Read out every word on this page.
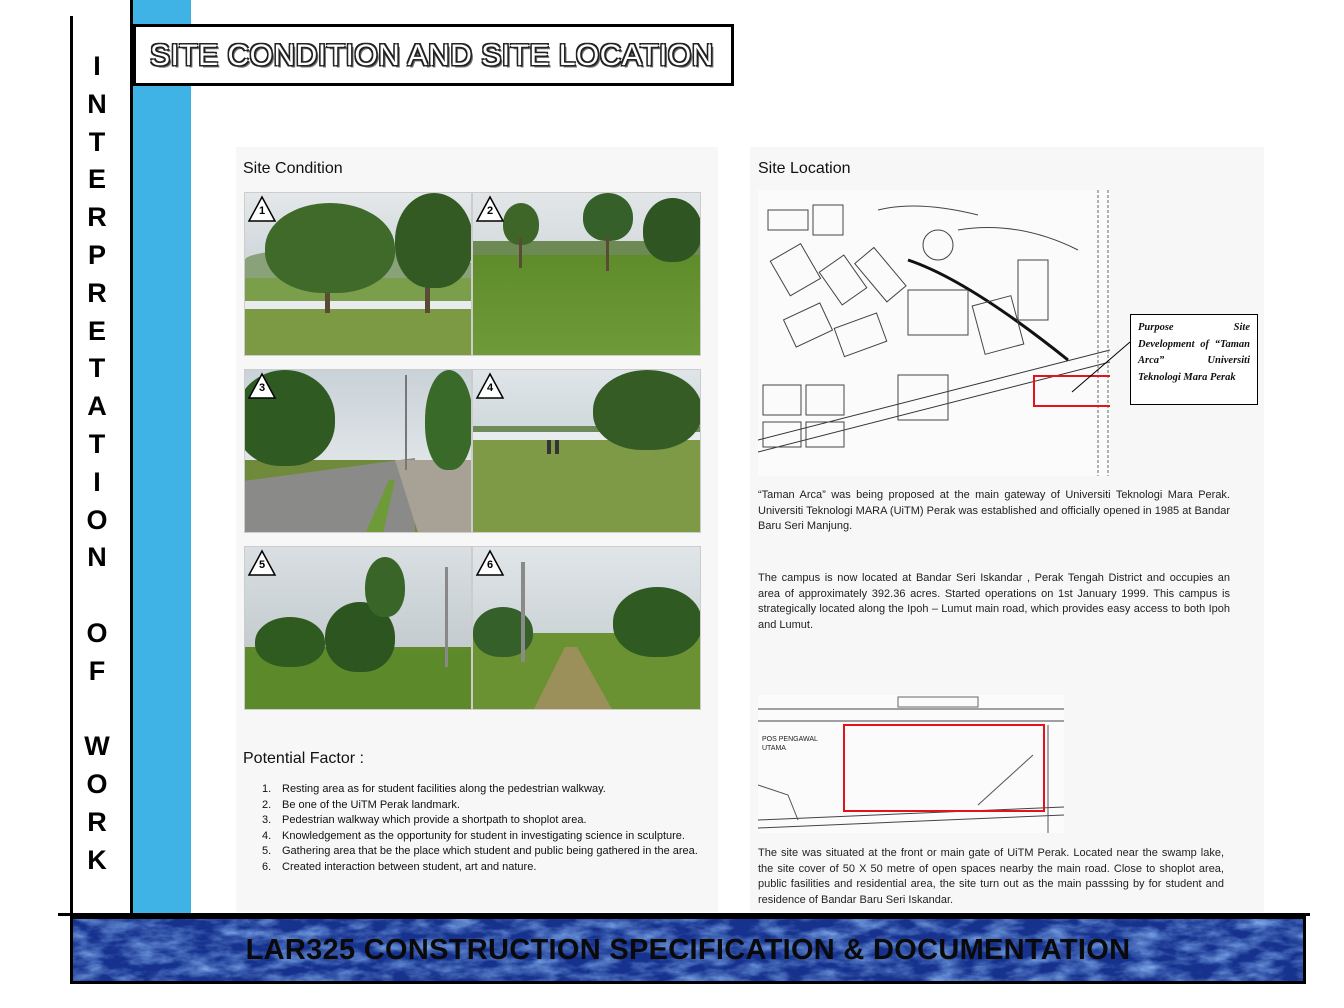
I
N
T
E
R
P
R
E
T
A
T
I
O
N
O
F
W
O
R
K
SITE CONDITION AND SITE LOCATION
Site Condition
1	2
3	4
5	6
Potential Factor :
1. Resting area as for student facilities along the pedestrian walkway.
2. Be one of the UiTM Perak landmark.
3. Pedestrian walkway which provide a shortpath to shoplot area.
4. Knowledgement as the opportunity for student in investigating science in sculpture.
5. Gathering area that be the place which student and public being gathered in the area.
6. Created interaction between student, art and nature.
Site Location
Purpose Site Development of “Taman Arca” Universiti Teknologi Mara Perak
“Taman Arca” was being proposed at the main gateway of Universiti Teknologi Mara Perak. Universiti Teknologi MARA (UiTM) Perak was established and officially opened in 1985 at Bandar Baru Seri Manjung.
The campus is now located at Bandar Seri Iskandar , Perak Tengah District and occupies an area of approximately 392.36 acres. Started operations on 1st January 1999. This campus is strategically located along the Ipoh – Lumut main road, which provides easy access to both Ipoh and Lumut.
POS PENGAWAL UTAMA
The site was situated at the front or main gate of UiTM Perak. Located near the swamp lake, the site cover of 50 X 50 metre of open spaces nearby the main road. Close to shoplot area, public fasilities and residential area, the site turn out as the main passsing by for student and residence of Bandar Baru Seri Iskandar.
LAR325 CONSTRUCTION SPECIFICATION & DOCUMENTATION
